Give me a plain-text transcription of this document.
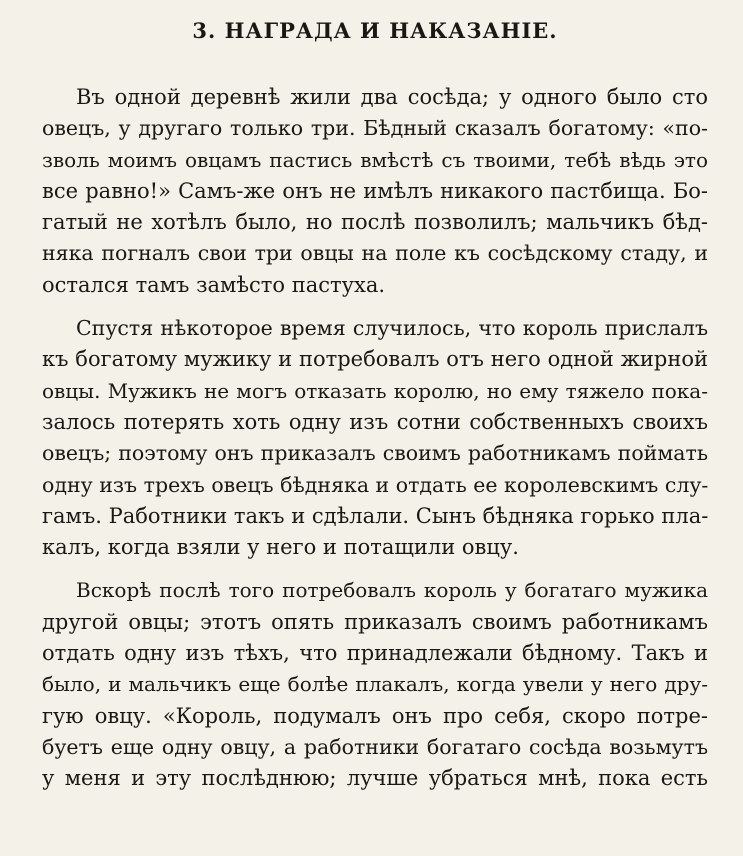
3. НАГРАДА И НАКАЗАНІЕ.

Въ одной деревнѣ жили два сосѣда; у одного было сто
овецъ, у другаго только три. Бѣдный сказалъ богатому: «по-
зволь моимъ овцамъ пастись вмѣстѣ съ твоими, тебѣ вѣдь это
все равно!» Самъ-же онъ не имѣлъ никакого пастбища. Бо-
гатый не хотѣлъ было, но послѣ позволилъ; мальчикъ бѣд-
няка погналъ свои три овцы на поле къ сосѣдскому стаду, и
остался тамъ замѣсто пастуха.

Спустя нѣкоторое время случилось, что король прислалъ
къ богатому мужику и потребовалъ отъ него одной жирной
овцы. Мужикъ не могъ отказать королю, но ему тяжело пока-
залось потерять хоть одну изъ сотни собственныхъ своихъ
овецъ; поэтому онъ приказалъ своимъ работникамъ поймать
одну изъ трехъ овецъ бѣдняка и отдать ее королевскимъ слу-
гамъ. Работники такъ и сдѣлали. Сынъ бѣдняка горько пла-
калъ, когда взяли у него и потащили овцу.

Вскорѣ послѣ того потребовалъ король у богатаго мужика
другой овцы; этотъ опять приказалъ своимъ работникамъ
отдать одну изъ тѣхъ, что принадлежали бѣдному. Такъ и
было, и мальчикъ еще болѣе плакалъ, когда увели у него дру-
гую овцу. «Король, подумалъ онъ про себя, скоро потре-
буетъ еще одну овцу, а работники богатаго сосѣда возьмутъ
у меня и эту послѣднюю; лучше убраться мнѣ, пока есть
